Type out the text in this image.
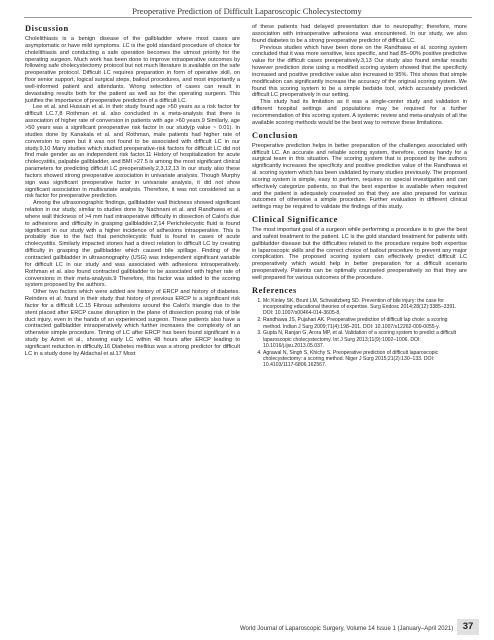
Preoperative Prediction of Difficult Laparoscopic Cholecystectomy
Discussion

Cholelithiasis is a benign disease of the gallbladder where most cases are asymptomatic or have mild symptoms. LC is the gold standard procedure of choice for cholelithiasis and conducting a safe operation becomes the utmost priority for the operating surgeon. Much work has been done to improve intraoperative outcomes by following safe cholecystectomy protocol but not much literature is available on the safe preoperative protocol. Difficult LC requires preparation in form of operative skill, on floor senior support, logical surgical steps, bailout procedures, and most importantly a well-informed patient and attendants. Wrong selection of cases can result in devastating results both for the patient as well as for the operating surgeon. This justifies the importance of preoperative prediction of a difficult LC.

Lee et al. and Hussain et al. in their study found age >50 years as a risk factor for difficult LC.7,8 Rothman et al. also concluded in a meta-analysis that there is association of higher rate of conversion in patients with age >60 years.9 Similarly, age >50 years was a significant preoperative risk factor in our study(p value ~ 0.01). In studies done by Kanakala et al. and Rothman, male patients had higher rate of conversion to open but it was not found to be associated with difficult LC in our study.9,10 Many studies which studied preoperative-risk factors for difficult LC did not find male gender as an independent risk factor.11 History of hospitalization for acute cholecystitis, palpable gallbladder, and BMI >27.5 is among the most significant clinical parameters for predicting difficult LC preoperatively.2,3,12,13 In our study also these factors showed strong preoperative association in univariate analysis. Though Murphy sign was significant preoperative factor in univariate analysis, it did not show significant association in multivariate analysis. Therefore, it was not considered as a risk factor for preoperative prediction.

Among the ultrasonographic findings, gallbladder wall thickness showed significant relation in our study, similar to studies done by Nachnani et al. and Randhawa et al. where wall thickness of >4 mm had intraoperative difficulty in dissection of Calot's due to adhesions and difficulty in grasping gallbladder.2,14 Pericholecystic fluid is found significant in our study with a higher incidence of adhesions intraoperative. This is probably due to the fact that pericholecystic fluid is found in cases of acute cholecystitis. Similarly impacted stones had a direct relation to difficult LC by creating difficulty in grasping the gallbladder which caused bile spillage. Finding of the contracted gallbladder in ultrasonography (USG) was independent significant variable for difficult LC in our study and was associated with adhesions intraoperatively. Rothman et al. also found contracted gallbladder to be associated with higher rate of conversions in their meta-analysis.9 Therefore, this factor was added to the scoring system proposed by the authors.

Other two factors which were added are history of ERCP and history of diabetes. Reinders et al. found in their study that history of previous ERCP is a significant risk factor for a difficult LC.15 Fibrous adhesions around the Calot's triangle due to the stent placed after ERCP cause disruption in the plane of dissection posing risk of bile duct injury, even in the hands of an experienced surgeon. These patients also have a contracted gallbladder intraoperatively which further increases the complexity of an otherwise simple procedure. Timing of LC after ERCP has been found significant in a study by Aziret et al., showing early LC within 48 hours after ERCP leading to significant reduction in difficulty.16 Diabetes mellitus was a strong predictor for difficult LC in a study done by Aldachal et al.17 Most

of these patients had delayed presentation due to neuropathy; therefore, more association with intraoperative adhesions was encountered. In our study, we also found diabetes to be a strong preoperative predictor of difficult LC.

Previous studies which have been done on the Randhawa et al. scoring system concluded that it was more sensitive, less specific, and had 85–90% positive predictive value for the difficult cases preoperatively.3,13 Our study also found similar results however prediction done using a modified scoring system showed that the specificity increased and positive predictive value also increased to 95%. This shows that simple modification can significantly increase the accuracy of the original scoring system. We found this scoring system to be a simple bedside tool, which accurately predicted difficult LC preoperatively in our setting.

This study had its limitation as it was a single-center study and validation in different hospital settings and populations may be required for a further recommendation of this scoring system. A systemic review and meta-analysis of all the available scoring methods would be the best way to remove these limitations.

Conclusion

Preoperative prediction helps in better preparation of the challenges associated with difficult LC. An accurate and reliable scoring system, therefore, comes handy for a surgical team in this situation. The scoring system that is proposed by the authors significantly increases the specificity and positive predictive value of the Randhawa et al. scoring system which has been validated by many studies previously. The proposed scoring system is simple, easy to perform, requires no special investigation and can effectively categorize patients, so that the best expertise is available when required and the patient is adequately counseled so that they are also prepared for various outcomes of otherwise a simple procedure. Further evaluation in different clinical settings may be required to validate the findings of this study.

Clinical Significance

The most important goal of a surgeon while performing a procedure is to give the best and safest treatment to the patient. LC is the gold standard treatment for patients with gallbladder disease but the difficulties related to the procedure require both expertise in laparoscopic skills and the correct choice of bailout procedure to prevent any major complication. The proposed scoring system can effectively predict difficult LC preoperatively which would help in better preparation for a difficult scenario preoperatively. Patients can be optimally counseled preoperatively so that they are well prepared for various outcomes of the procedure.

References
1. Mc Kinley SK, Brunt LM, Schwaitzberg SD. Prevention of bile injury: the case for incorporating educational theories of expertise. Surg Endosc 2014;28(12):3385–3391. DOI: 10.1007/s00464-014-3605-8.
2. Randhawa JS, Pujahari AK. Preoperative prediction of difficult lap chole: a scoring method. Indian J Surg 2009;71(4):198–201. DOI: 10.1007/s12262-009-0055-y.
3. Gupta N, Ranjan G, Arora MP, et al. Validation of a scoring system to predict a difficult laparoscopic cholecystectomy. Int J Surg 2013;11(9):1002–1006. DOI: 10.1016/j.ijsu.2013.05.037.
4. Agrawal N, Singh S, Khichy S. Preoperative prediction of difficult laparoscopic cholecystectomy: a scoring method. Niger J Surg 2015;21(2):130–133. DOI: 10.4103/1117-6806.162567.
World Journal of Laparoscopic Surgery, Volume 14 Issue 1 (January–April 2021) 37
